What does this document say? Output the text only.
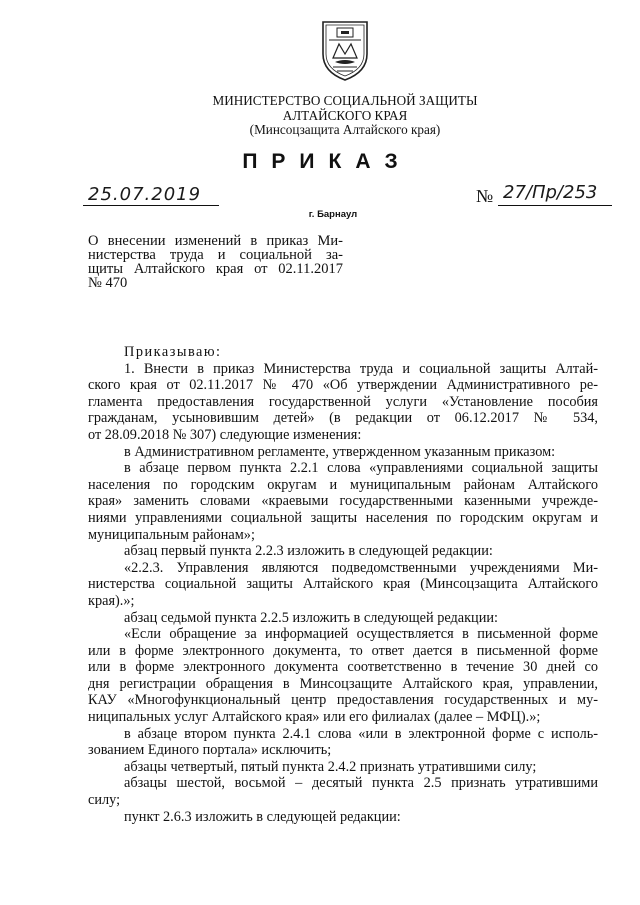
МИНИСТЕРСТВО СОЦИАЛЬНОЙ ЗАЩИТЫ
АЛТАЙСКОГО КРАЯ
(Минсоцзащита Алтайского края)
ПРИКАЗ
25.07.2019	№ 27/Пр/253
г. Барнаул
О внесении изменений в приказ Ми-
нистерства труда и социальной за-
щиты Алтайского края от 02.11.2017
№ 470
Приказываю:
1. Внести в приказ Министерства труда и социальной защиты Алтай-
ского края от 02.11.2017 № 470 «Об утверждении Административного ре-
гламента предоставления государственной услуги «Установление пособия
гражданам, усыновившим детей» (в редакции от 06.12.2017 № 534,
от 28.09.2018 № 307) следующие изменения:
в Административном регламенте, утвержденном указанным приказом:
в абзаце первом пункта 2.2.1 слова «управлениями социальной защиты
населения по городским округам и муниципальным районам Алтайского
края» заменить словами «краевыми государственными казенными учрежде-
ниями управлениями социальной защиты населения по городским округам и
муниципальным районам»;
абзац первый пункта 2.2.3 изложить в следующей редакции:
«2.2.3. Управления являются подведомственными учреждениями Ми-
нистерства социальной защиты Алтайского края (Минсоцзащита Алтайского
края).»;
абзац седьмой пункта 2.2.5 изложить в следующей редакции:
«Если обращение за информацией осуществляется в письменной форме
или в форме электронного документа, то ответ дается в письменной форме
или в форме электронного документа соответственно в течение 30 дней со
дня регистрации обращения в Минсоцзащите Алтайского края, управлении,
КАУ «Многофункциональный центр предоставления государственных и му-
ниципальных услуг Алтайского края» или его филиалах (далее – МФЦ).»;
в абзаце втором пункта 2.4.1 слова «или в электронной форме с исполь-
зованием Единого портала» исключить;
абзацы четвертый, пятый пункта 2.4.2 признать утратившими силу;
абзацы шестой, восьмой – десятый пункта 2.5 признать утратившими
силу;
пункт 2.6.3 изложить в следующей редакции:
